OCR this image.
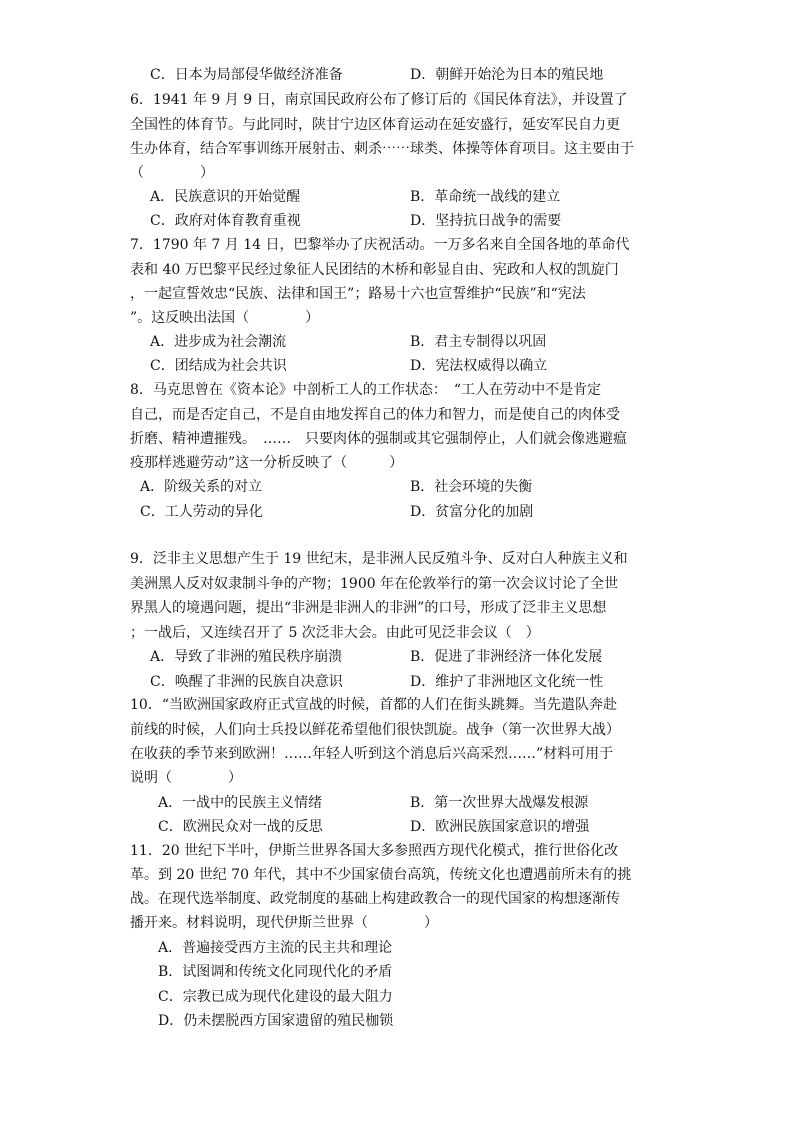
C．日本为局部侵华做经济准备	D．朝鲜开始沦为日本的殖民地
6．1941 年 9 月 9 日，南京国民政府公布了修订后的《国民体育法》，并设置了
全国性的体育节。与此同时，陕甘宁边区体育运动在延安盛行，延安军民自力更
生办体育，结合军事训练开展射击、刺杀⋯⋯球类、体操等体育项目。这主要由于
（　　　　）
A．民族意识的开始觉醒	B．革命统一战线的建立
C．政府对体育教育重视	D．坚持抗日战争的需要
7．1790 年 7 月 14 日，巴黎举办了庆祝活动。一万多名来自全国各地的革命代
表和 40 万巴黎平民经过象征人民团结的木桥和彰显自由、宪政和人权的凯旋门
，一起宣誓效忠“民族、法律和国王”；路易十六也宣誓维护“民族”和“宪法
”。这反映出法国（　　　　）
A．进步成为社会潮流	B．君主专制得以巩固
C．团结成为社会共识	D．宪法权威得以确立
8．马克思曾在《资本论》中剖析工人的工作状态：　“工人在劳动中不是肯定
自己，而是否定自己，不是自由地发挥自己的体力和智力，而是使自己的肉体受
折磨、精神遭摧残。　……　只要肉体的强制或其它强制停止，人们就会像逃避瘟
疫那样逃避劳动”这一分析反映了（　　　）
A．阶级关系的对立	B．社会环境的失衡
C．工人劳动的异化	D．贫富分化的加剧
9．泛非主义思想产生于 19 世纪末，是非洲人民反殖斗争、反对白人种族主义和
美洲黑人反对奴隶制斗争的产物；1900 年在伦敦举行的第一次会议讨论了全世
界黑人的境遇问题，提出“非洲是非洲人的非洲”的口号，形成了泛非主义思想
；一战后，又连续召开了 5 次泛非大会。由此可见泛非会议（　）
A．导致了非洲的殖民秩序崩溃	B．促进了非洲经济一体化发展
C．唤醒了非洲的民族自决意识	D．维护了非洲地区文化统一性
10．“当欧洲国家政府正式宣战的时候，首都的人们在街头跳舞。当先遣队奔赴
前线的时候，人们向士兵投以鲜花希望他们很快凯旋。战争（第一次世界大战）
在收获的季节来到欧洲！……年轻人听到这个消息后兴高采烈……”材料可用于
说明（　　　　）
A．一战中的民族主义情绪	B．第一次世界大战爆发根源
C．欧洲民众对一战的反思	D．欧洲民族国家意识的增强
11．20 世纪下半叶，伊斯兰世界各国大多参照西方现代化模式，推行世俗化改
革。到 20 世纪 70 年代，其中不少国家债台高筑，传统文化也遭遇前所未有的挑
战。在现代选举制度、政党制度的基础上构建政教合一的现代国家的构想逐渐传
播开来。材料说明，现代伊斯兰世界（　　　　）
A．普遍接受西方主流的民主共和理论
B．试图调和传统文化同现代化的矛盾
C．宗教已成为现代化建设的最大阻力
D．仍未摆脱西方国家遗留的殖民枷锁
